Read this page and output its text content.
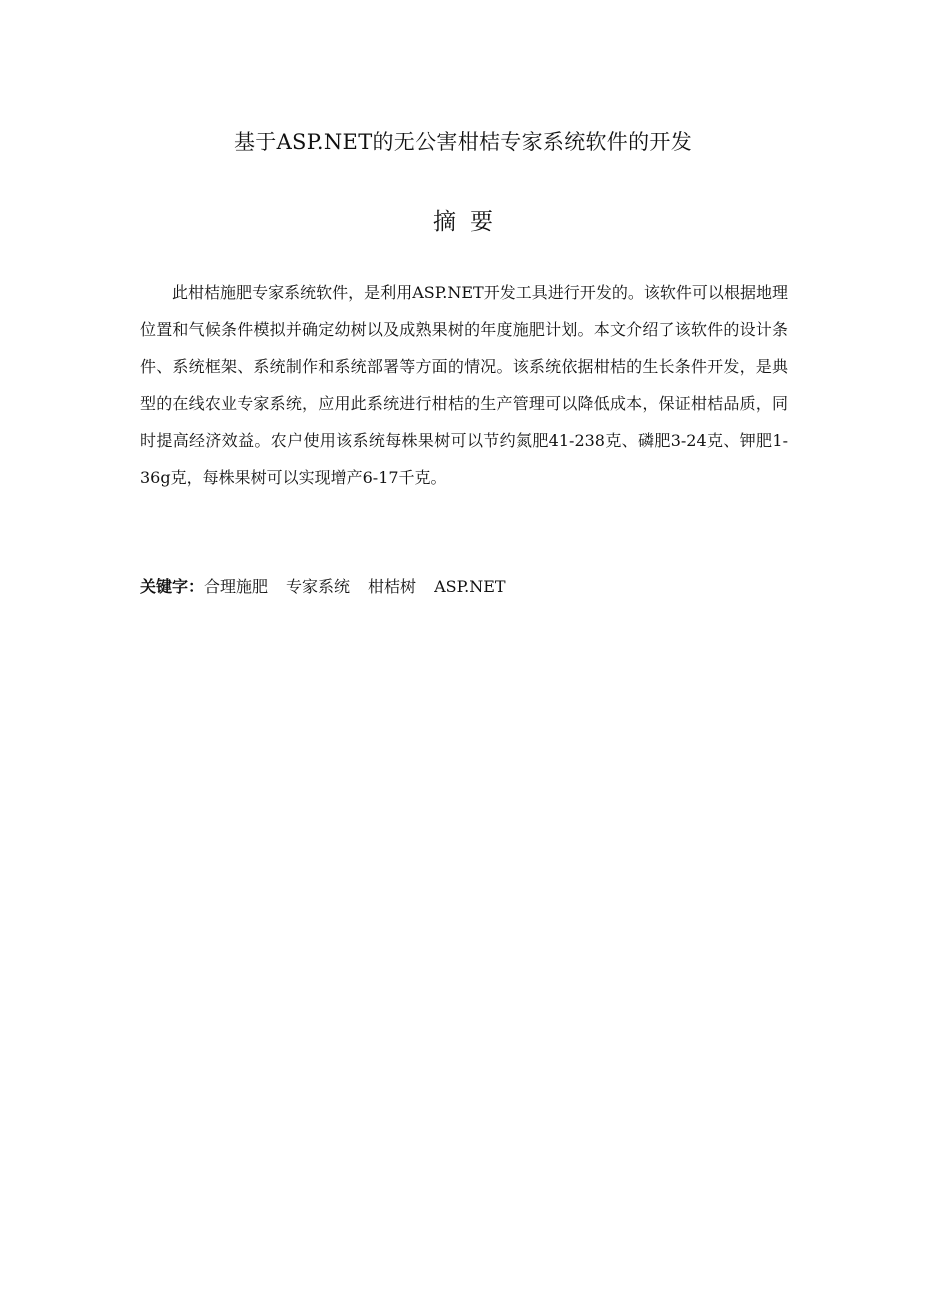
基于ASP.NET的无公害柑桔专家系统软件的开发
摘要

此柑桔施肥专家系统软件，是利用ASP.NET开发工具进行开发的。该软件可以根据地理位置和气候条件模拟并确定幼树以及成熟果树的年度施肥计划。本文介绍了该软件的设计条件、系统框架、系统制作和系统部署等方面的情况。该系统依据柑桔的生长条件开发，是典型的在线农业专家系统，应用此系统进行柑桔的生产管理可以降低成本，保证柑桔品质，同时提高经济效益。农户使用该系统每株果树可以节约氮肥41-238克、磷肥3-24克、钾肥1-36g克，每株果树可以实现增产6-17千克。

关键字：合理施肥 专家系统 柑桔树 ASP.NET
